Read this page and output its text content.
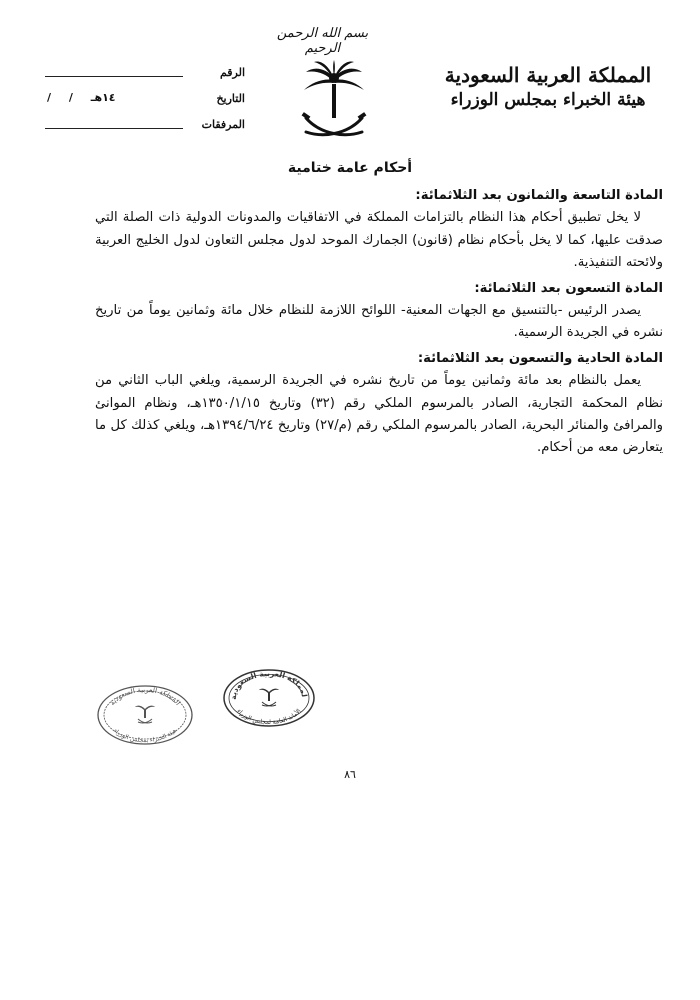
بسم الله الرحمن الرحيم
المملكة العربية السعودية
هيئة الخبراء بمجلس الوزراء
الرقم
التاريخ
/ / ١٤هـ
المرفقات
أحكام عامة ختامية

المادة التاسعة والثمانون بعد الثلاثمائة:

لا يخل تطبيق أحكام هذا النظام بالتزامات المملكة في الاتفاقيات والمدونات الدولية ذات الصلة التي صدقت عليها، كما لا يخل بأحكام نظام (قانون) الجمارك الموحد لدول مجلس التعاون لدول الخليج العربية ولائحته التنفيذية.

المادة التسعون بعد الثلاثمائة:

يصدر الرئيس -بالتنسيق مع الجهات المعنية- اللوائح اللازمة للنظام خلال مائة وثمانين يوماً من تاريخ نشره في الجريدة الرسمية.

المادة الحادية والتسعون بعد الثلاثمائة:

يعمل بالنظام بعد مائة وثمانين يوماً من تاريخ نشره في الجريدة الرسمية، ويلغي الباب الثاني من نظام المحكمة التجارية، الصادر بالمرسوم الملكي رقم (٣٢) وتاريخ ١٣٥٠/١/١٥هـ، ونظام الموانئ والمرافئ والمنائر البحرية، الصادر بالمرسوم الملكي رقم (م/٢٧) وتاريخ ١٣٩٤/٦/٢٤هـ، ويلغي كذلك كل ما يتعارض معه من أحكام.

لمملكة العربية السعودية
الأمانة العامة لمجلس الوزراء
المملكة العربية السعودية
هيئة الخبراء بمجلس الوزراء
٨٦
